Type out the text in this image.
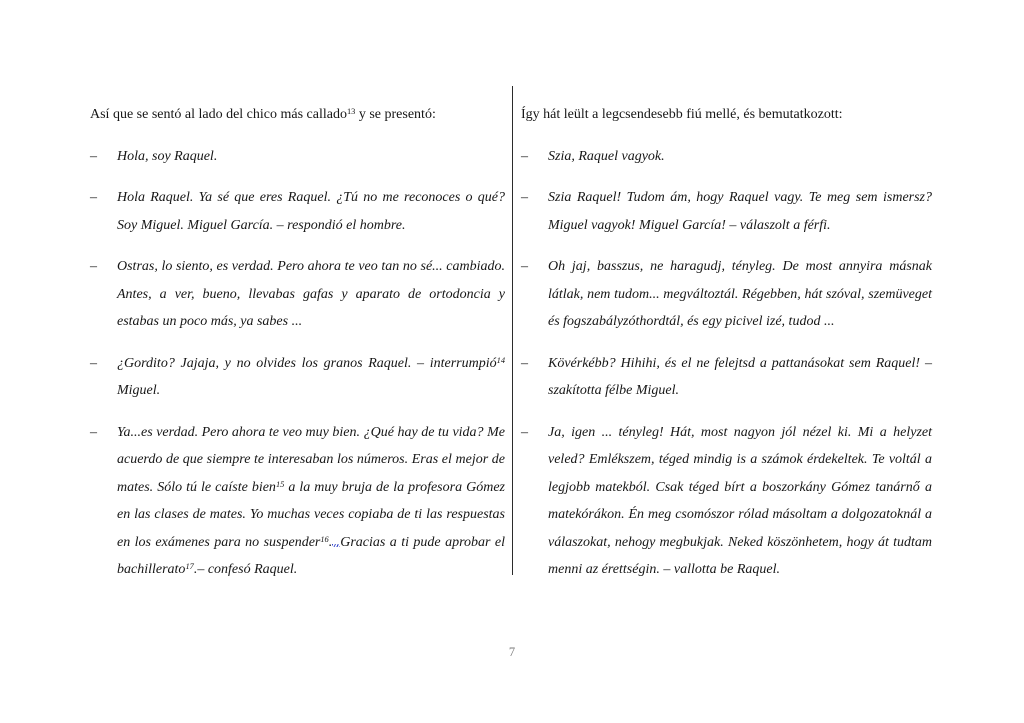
Así que se sentó al lado del chico más callado$^{13}$ y se presentó:

– Hola, soy Raquel.

– Hola Raquel. Ya sé que eres Raquel. ¿Tú no me reconoces o qué? Soy Miguel. Miguel García. – respondió el hombre.

– Ostras, lo siento, es verdad. Pero ahora te veo tan no sé... cambiado. Antes, a ver, bueno, llevabas gafas y aparato de ortodoncia y estabas un poco más, ya sabes ...

– ¿Gordito? Jajaja, y no olvides los granos Raquel. – interrumpió$^{14}$ Miguel.

– Ya...es verdad. Pero ahora te veo muy bien. ¿Qué hay de tu vida? Me acuerdo de que siempre te interesaban los números. Eras el mejor de mates. Sólo tú le caíste bien$^{15}$ a la muy bruja de la profesora Gómez en las clases de mates. Yo muchas veces copiaba de ti las respuestas en los exámenes para no suspender$^{16}$. Gracias a ti pude aprobar el bachillerato$^{17}$.– confesó Raquel.

Így hát leült a legcsendesebb fiú mellé, és bemutatkozott:

– Szia, Raquel vagyok.

– Szia Raquel! Tudom ám, hogy Raquel vagy. Te meg sem ismersz? Miguel vagyok! Miguel García! – válaszolt a férfi.

– Oh jaj, basszus, ne haragudj, tényleg. De most annyira másnak látlak, nem tudom... megváltoztál. Régebben, hát szóval, szemüveget és fogszabályzóthordtál, és egy picivel izé, tudod ...

– Kövérkébb? Hihihi, és el ne felejtsd a pattanásokat sem Raquel! – szakította félbe Miguel.

– Ja, igen ... tényleg! Hát, most nagyon jól nézel ki. Mi a helyzet veled? Emlékszem, téged mindig is a számok érdekeltek. Te voltál a legjobb matekból. Csak téged bírt a boszorkány Gómez tanárnő a matekórákon. Én meg csomószor rólad másoltam a dolgozatoknál a válaszokat, nehogy megbukjak. Neked köszönhetem, hogy át tudtam menni az érettségin. – vallotta be Raquel.

7
